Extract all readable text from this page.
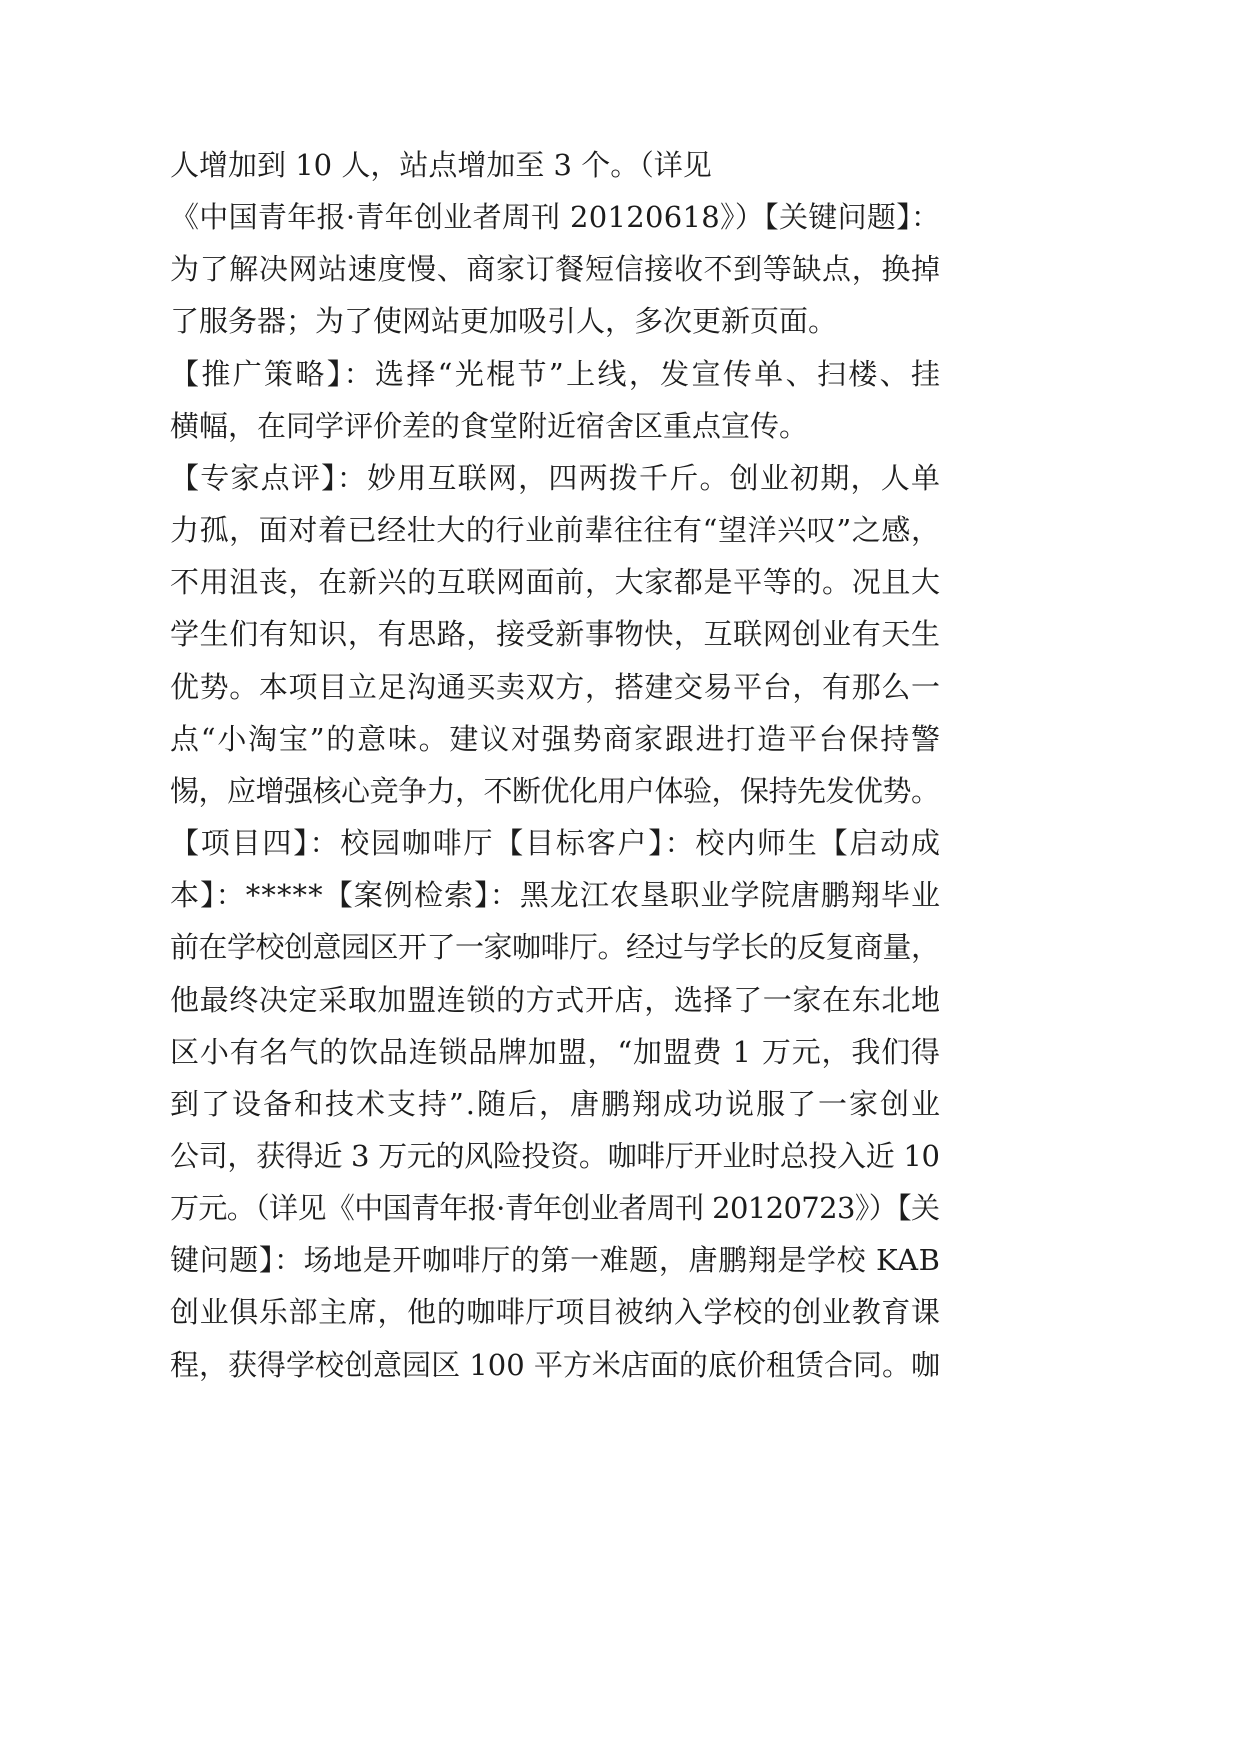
人增加到 10 人，站点增加至 3 个。（详见
《中国青年报·青年创业者周刊 20120618》）【关键问题】：
为了解决网站速度慢、商家订餐短信接收不到等缺点，换掉
了服务器；为了使网站更加吸引人，多次更新页面。
【推广策略】：选择“光棍节”上线，发宣传单、扫楼、挂
横幅，在同学评价差的食堂附近宿舍区重点宣传。
【专家点评】：妙用互联网，四两拨千斤。创业初期，人单
力孤，面对着已经壮大的行业前辈往往有“望洋兴叹”之感，
不用沮丧，在新兴的互联网面前，大家都是平等的。况且大
学生们有知识，有思路，接受新事物快，互联网创业有天生
优势。本项目立足沟通买卖双方，搭建交易平台，有那么一
点“小淘宝”的意味。建议对强势商家跟进打造平台保持警
惕，应增强核心竞争力，不断优化用户体验，保持先发优势。
【项目四】：校园咖啡厅【目标客户】：校内师生【启动成
本】：*****【案例检索】：黑龙江农垦职业学院唐鹏翔毕业
前在学校创意园区开了一家咖啡厅。经过与学长的反复商量，
他最终决定采取加盟连锁的方式开店，选择了一家在东北地
区小有名气的饮品连锁品牌加盟，“加盟费 1 万元，我们得
到了设备和技术支持”.随后，唐鹏翔成功说服了一家创业
公司，获得近 3 万元的风险投资。咖啡厅开业时总投入近 10
万元。（详见《中国青年报·青年创业者周刊 20120723》）【关
键问题】：场地是开咖啡厅的第一难题，唐鹏翔是学校 KAB
创业俱乐部主席，他的咖啡厅项目被纳入学校的创业教育课
程，获得学校创意园区 100 平方米店面的底价租赁合同。咖
